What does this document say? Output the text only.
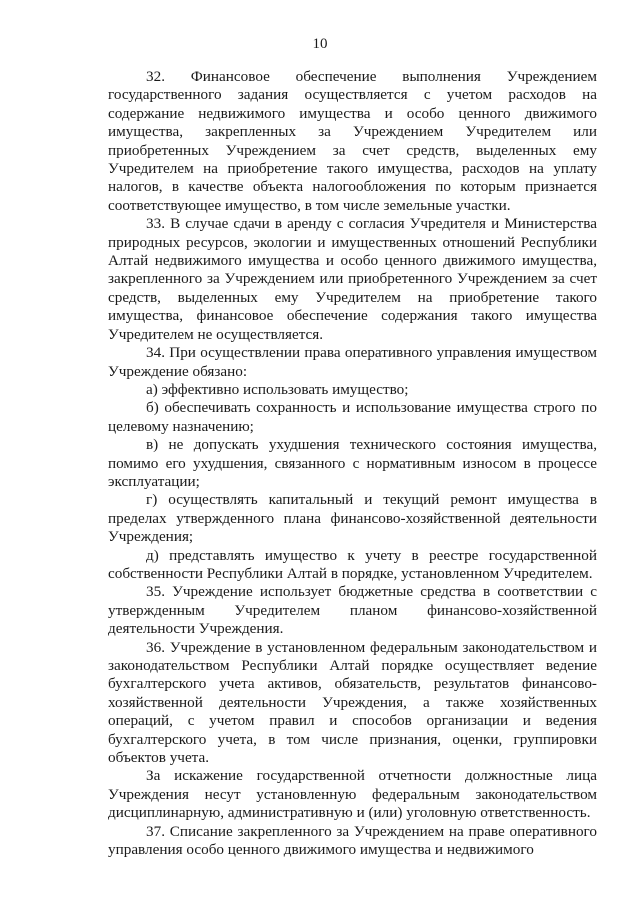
10

32. Финансовое обеспечение выполнения Учреждением государственного задания осуществляется с учетом расходов на содержание недвижимого имущества и особо ценного движимого имущества, закрепленных за Учреждением Учредителем или приобретенных Учреждением за счет средств, выделенных ему Учредителем на приобретение такого имущества, расходов на уплату налогов, в качестве объекта налогообложения по которым признается соответствующее имущество, в том числе земельные участки.

33. В случае сдачи в аренду с согласия Учредителя и Министерства природных ресурсов, экологии и имущественных отношений Республики Алтай недвижимого имущества и особо ценного движимого имущества, закрепленного за Учреждением или приобретенного Учреждением за счет средств, выделенных ему Учредителем на приобретение такого имущества, финансовое обеспечение содержания такого имущества Учредителем не осуществляется.

34. При осуществлении права оперативного управления имуществом Учреждение обязано:

а) эффективно использовать имущество;

б) обеспечивать сохранность и использование имущества строго по целевому назначению;

в) не допускать ухудшения технического состояния имущества, помимо его ухудшения, связанного с нормативным износом в процессе эксплуатации;

г) осуществлять капитальный и текущий ремонт имущества в пределах утвержденного плана финансово-хозяйственной деятельности Учреждения;

д) представлять имущество к учету в реестре государственной собственности Республики Алтай в порядке, установленном Учредителем.

35. Учреждение использует бюджетные средства в соответствии с утвержденным Учредителем планом финансово-хозяйственной деятельности Учреждения.

36. Учреждение в установленном федеральным законодательством и законодательством Республики Алтай порядке осуществляет ведение бухгалтерского учета активов, обязательств, результатов финансово-хозяйственной деятельности Учреждения, а также хозяйственных операций, с учетом правил и способов организации и ведения бухгалтерского учета, в том числе признания, оценки, группировки объектов учета.

За искажение государственной отчетности должностные лица Учреждения несут установленную федеральным законодательством дисциплинарную, административную и (или) уголовную ответственность.

37. Списание закрепленного за Учреждением на праве оперативного управления особо ценного движимого имущества и недвижимого
